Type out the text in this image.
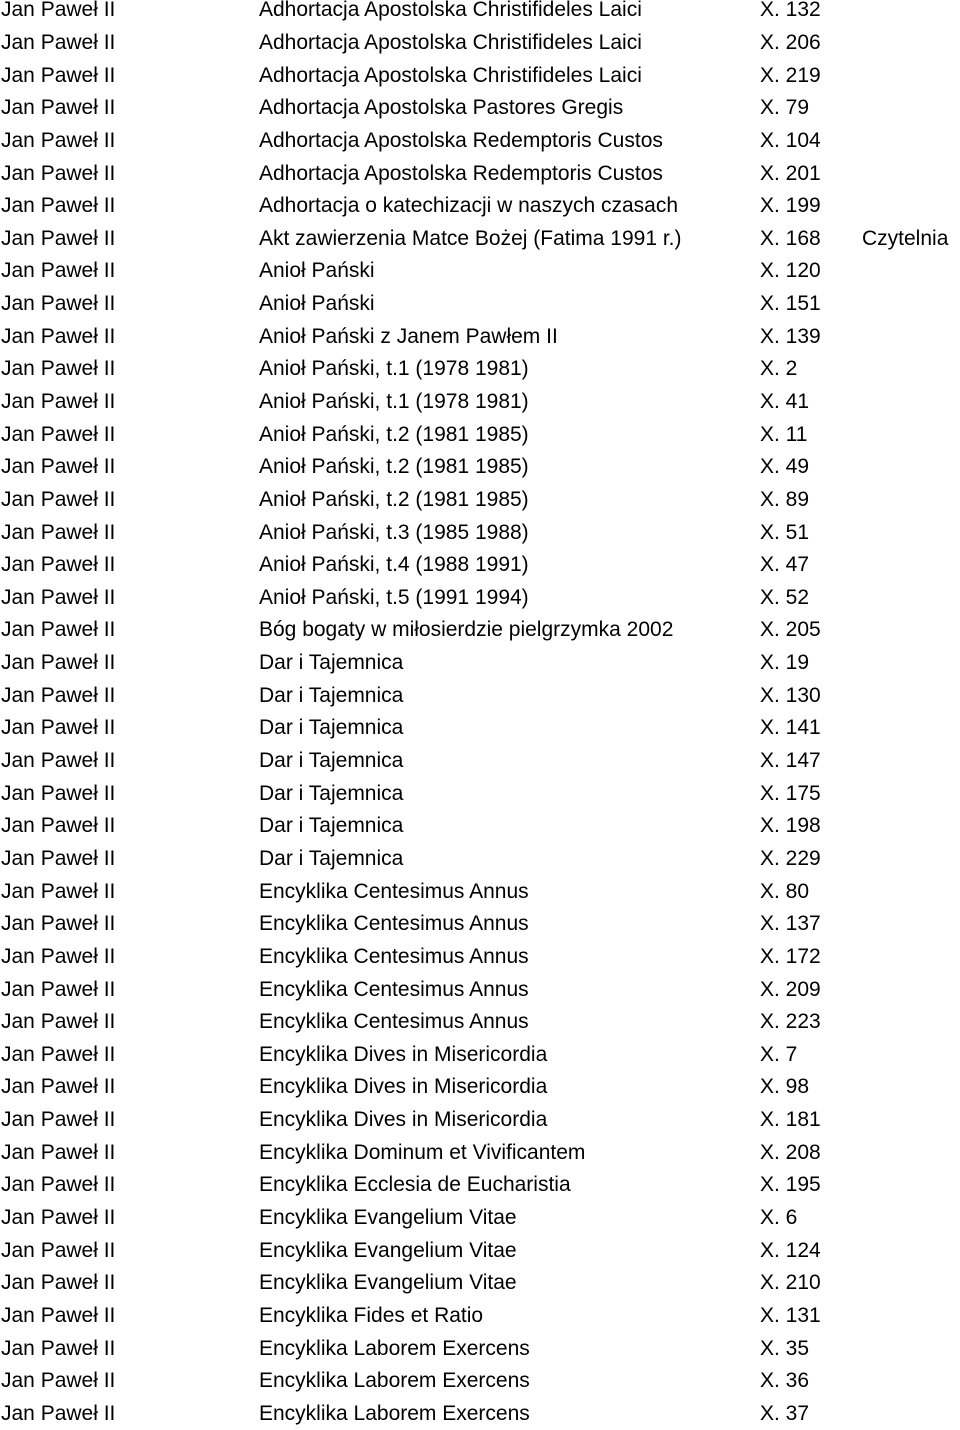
Jan Paweł II	Adhortacja Apostolska Christifideles Laici	X. 132
Jan Paweł II	Adhortacja Apostolska Christifideles Laici	X. 206
Jan Paweł II	Adhortacja Apostolska Christifideles Laici	X. 219
Jan Paweł II	Adhortacja Apostolska Pastores Gregis	X. 79
Jan Paweł II	Adhortacja Apostolska Redemptoris Custos	X. 104
Jan Paweł II	Adhortacja Apostolska Redemptoris Custos	X. 201
Jan Paweł II	Adhortacja o katechizacji w naszych czasach	X. 199
Jan Paweł II	Akt zawierzenia Matce Bożej (Fatima 1991 r.)	X. 168	Czytelnia
Jan Paweł II	Anioł Pański	X. 120
Jan Paweł II	Anioł Pański	X. 151
Jan Paweł II	Anioł Pański z Janem Pawłem II	X. 139
Jan Paweł II	Anioł Pański, t.1 (1978 1981)	X. 2
Jan Paweł II	Anioł Pański, t.1 (1978 1981)	X. 41
Jan Paweł II	Anioł Pański, t.2 (1981 1985)	X. 11
Jan Paweł II	Anioł Pański, t.2 (1981 1985)	X. 49
Jan Paweł II	Anioł Pański, t.2 (1981 1985)	X. 89
Jan Paweł II	Anioł Pański, t.3 (1985 1988)	X. 51
Jan Paweł II	Anioł Pański, t.4 (1988 1991)	X. 47
Jan Paweł II	Anioł Pański, t.5 (1991 1994)	X. 52
Jan Paweł II	Bóg bogaty w miłosierdzie pielgrzymka 2002	X. 205
Jan Paweł II	Dar i Tajemnica	X. 19
Jan Paweł II	Dar i Tajemnica	X. 130
Jan Paweł II	Dar i Tajemnica	X. 141
Jan Paweł II	Dar i Tajemnica	X. 147
Jan Paweł II	Dar i Tajemnica	X. 175
Jan Paweł II	Dar i Tajemnica	X. 198
Jan Paweł II	Dar i Tajemnica	X. 229
Jan Paweł II	Encyklika Centesimus Annus	X. 80
Jan Paweł II	Encyklika Centesimus Annus	X. 137
Jan Paweł II	Encyklika Centesimus Annus	X. 172
Jan Paweł II	Encyklika Centesimus Annus	X. 209
Jan Paweł II	Encyklika Centesimus Annus	X. 223
Jan Paweł II	Encyklika Dives in Misericordia	X. 7
Jan Paweł II	Encyklika Dives in Misericordia	X. 98
Jan Paweł II	Encyklika Dives in Misericordia	X. 181
Jan Paweł II	Encyklika Dominum et Vivificantem	X. 208
Jan Paweł II	Encyklika Ecclesia de Eucharistia	X. 195
Jan Paweł II	Encyklika Evangelium Vitae	X. 6
Jan Paweł II	Encyklika Evangelium Vitae	X. 124
Jan Paweł II	Encyklika Evangelium Vitae	X. 210
Jan Paweł II	Encyklika Fides et Ratio	X. 131
Jan Paweł II	Encyklika Laborem Exercens	X. 35
Jan Paweł II	Encyklika Laborem Exercens	X. 36
Jan Paweł II	Encyklika Laborem Exercens	X. 37
